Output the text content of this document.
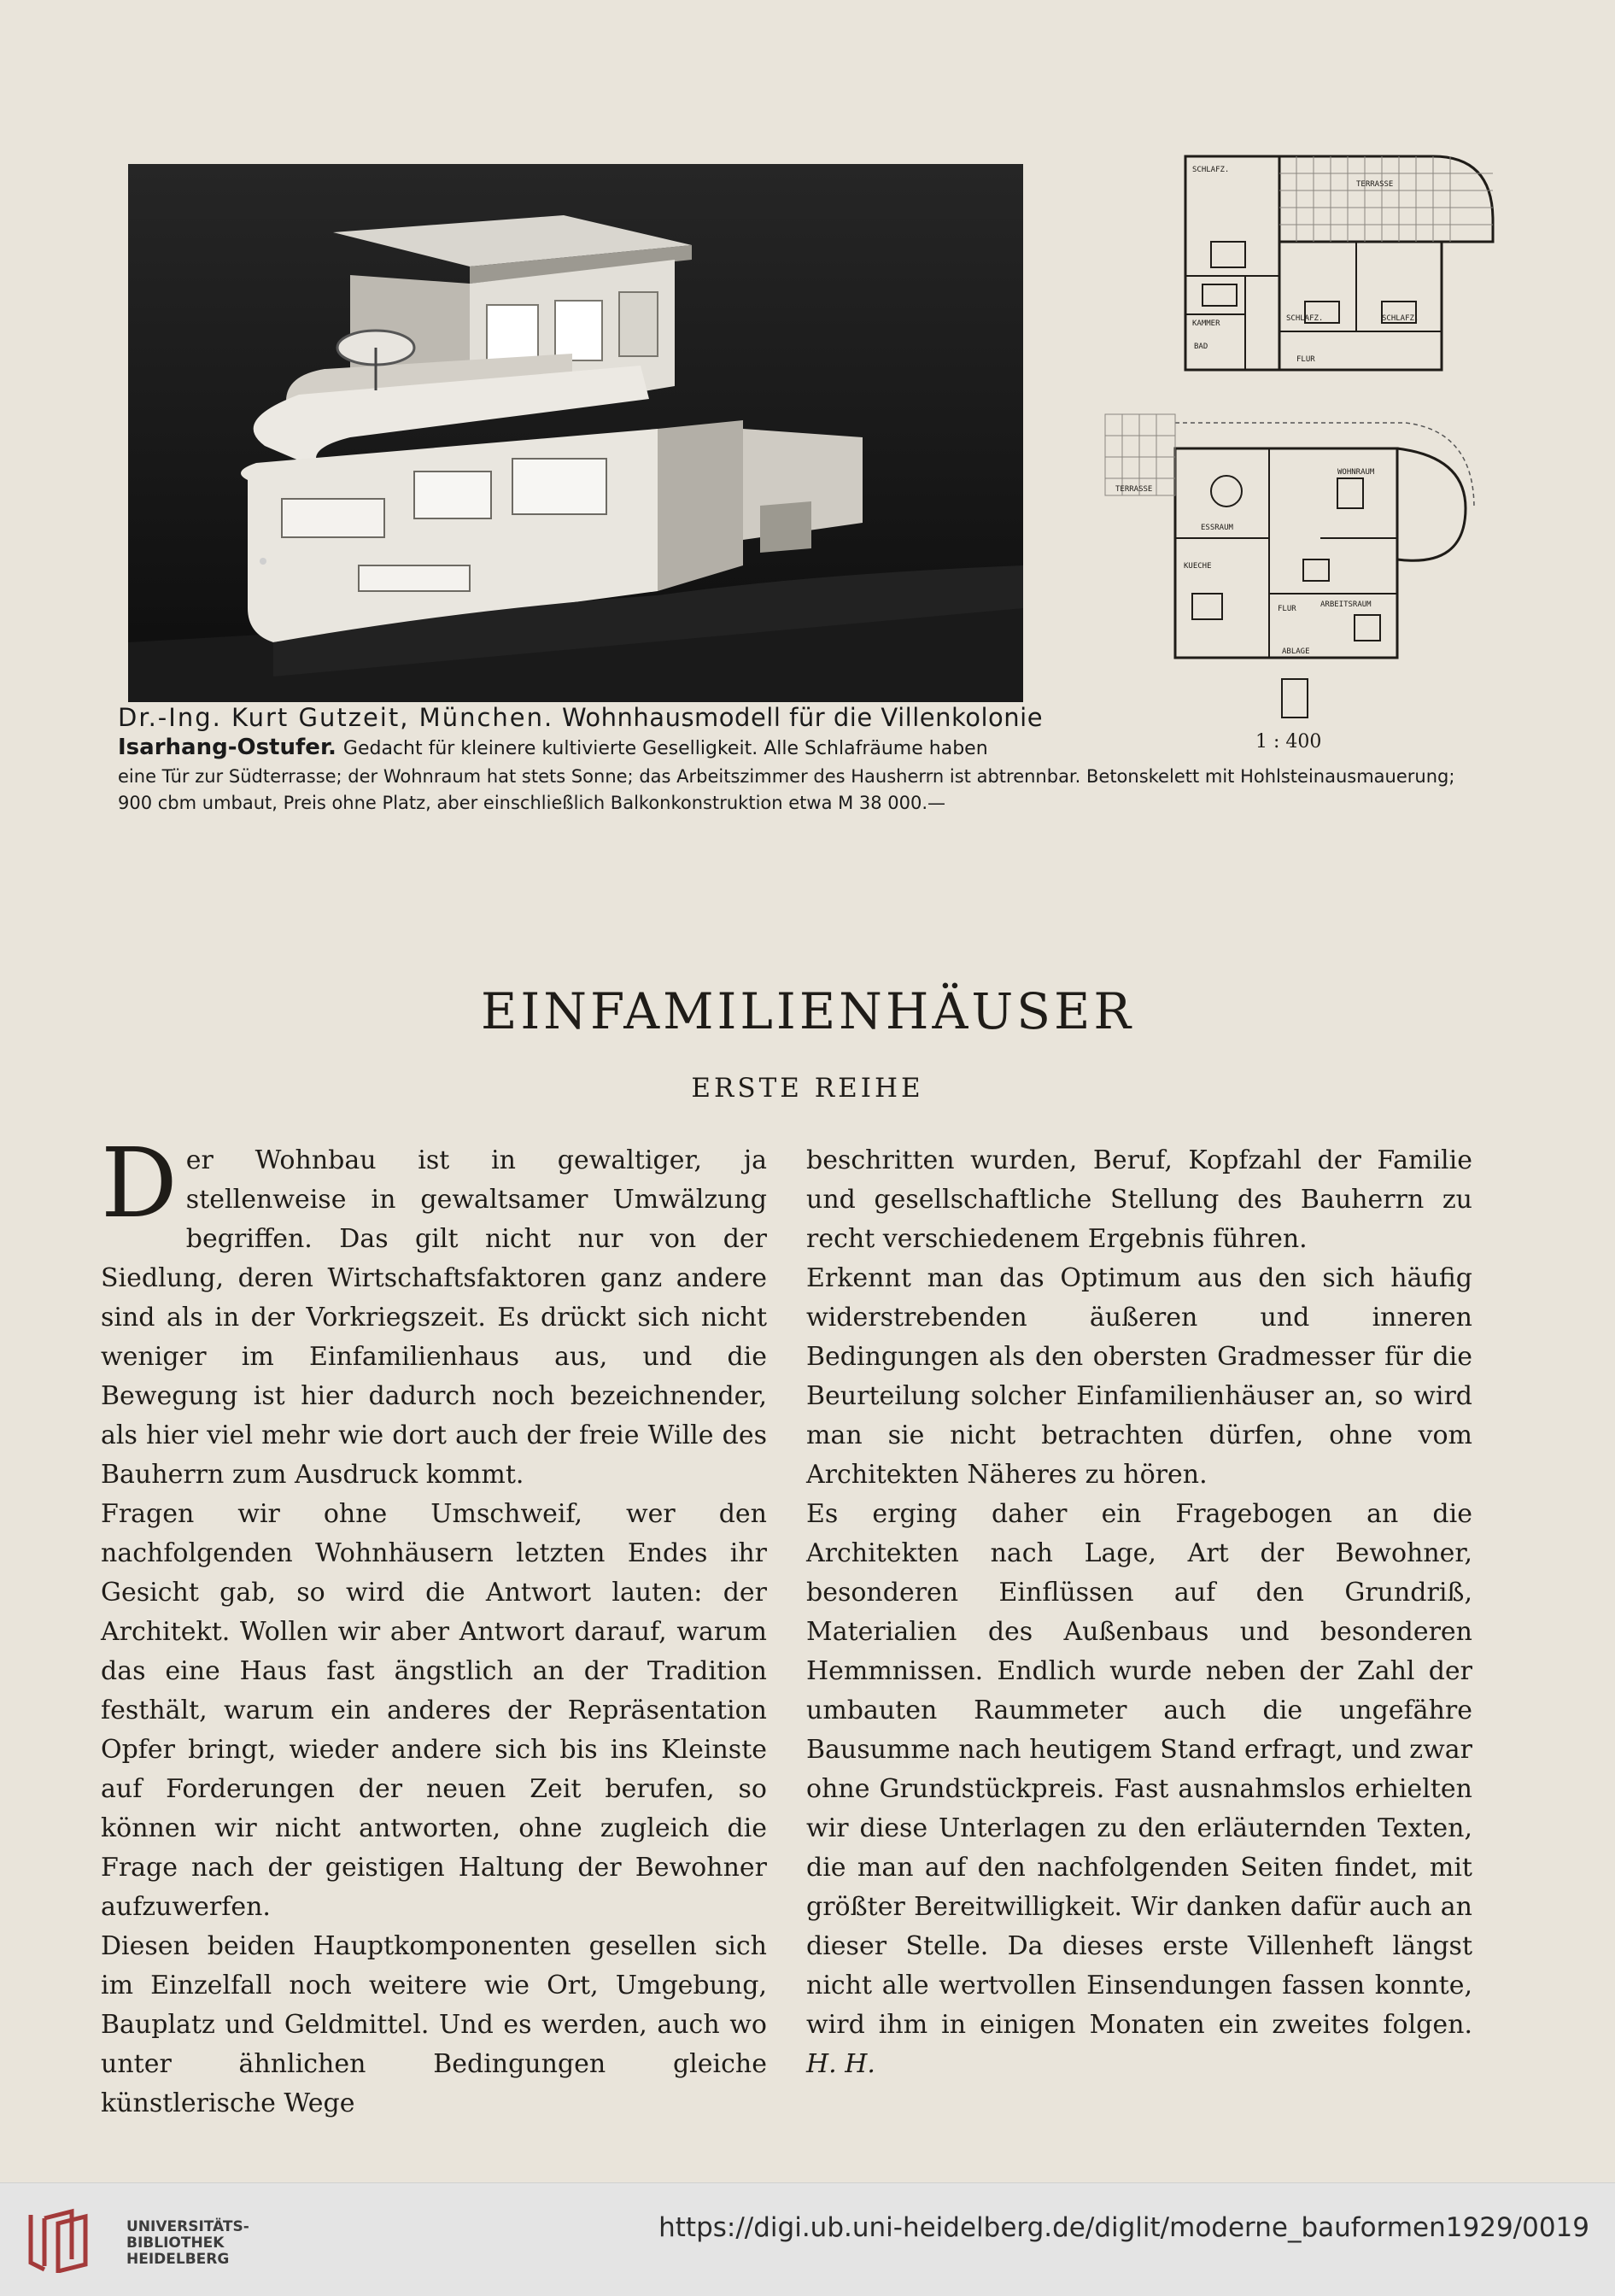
SCHLAFZ.
TERRASSE
KAMMER
SCHLAFZ.	SCHLAFZ.
BAD
FLUR
TERRASSE
ESSRAUM
WOHNRAUM
KUECHE
FLUR	ARBEITSRAUM
ABLAGE
1 : 400
Dr.-Ing. Kurt Gutzeit, München. Wohnhausmodell für die Villenkolonie
Isarhang-Ostufer. Gedacht für kleinere kultivierte Geselligkeit. Alle Schlafräume haben
eine Tür zur Südterrasse; der Wohnraum hat stets Sonne; das Arbeitszimmer des Hausherrn ist abtrennbar. Betonskelett mit Hohlsteinausmauerung; 900 cbm umbaut, Preis ohne Platz, aber einschließlich Balkonkonstruktion etwa M 38 000.—
EINFAMILIENHÄUSER
ERSTE REIHE

Der Wohnbau ist in gewaltiger, ja stellenweise in gewaltsamer Umwälzung begriffen. Das gilt nicht nur von der Siedlung, deren Wirtschaftsfaktoren ganz andere sind als in der Vorkriegszeit. Es drückt sich nicht weniger im Einfamilienhaus aus, und die Bewegung ist hier dadurch noch bezeichnender, als hier viel mehr wie dort auch der freie Wille des Bauherrn zum Ausdruck kommt.

Fragen wir ohne Umschweif, wer den nachfolgenden Wohnhäusern letzten Endes ihr Gesicht gab, so wird die Antwort lauten: der Architekt. Wollen wir aber Antwort darauf, warum das eine Haus fast ängstlich an der Tradition festhält, warum ein anderes der Repräsentation Opfer bringt, wieder andere sich bis ins Kleinste auf Forderungen der neuen Zeit berufen, so können wir nicht antworten, ohne zugleich die Frage nach der geistigen Haltung der Bewohner aufzuwerfen.

Diesen beiden Hauptkomponenten gesellen sich im Einzelfall noch weitere wie Ort, Umgebung, Bauplatz und Geldmittel. Und es werden, auch wo unter ähnlichen Bedingungen gleiche künstlerische Wege

beschritten wurden, Beruf, Kopfzahl der Familie und gesellschaftliche Stellung des Bauherrn zu recht verschiedenem Ergebnis führen.

Erkennt man das Optimum aus den sich häufig widerstrebenden äußeren und inneren Bedingungen als den obersten Gradmesser für die Beurteilung solcher Einfamilienhäuser an, so wird man sie nicht betrachten dürfen, ohne vom Architekten Näheres zu hören.

Es erging daher ein Fragebogen an die Architekten nach Lage, Art der Bewohner, besonderen Einflüssen auf den Grundriß, Materialien des Außenbaus und besonderen Hemmnissen. Endlich wurde neben der Zahl der umbauten Raummeter auch die ungefähre Bausumme nach heutigem Stand erfragt, und zwar ohne Grundstückpreis. Fast ausnahmslos erhielten wir diese Unterlagen zu den erläuternden Texten, die man auf den nachfolgenden Seiten findet, mit größter Bereitwilligkeit. Wir danken dafür auch an dieser Stelle. Da dieses erste Villenheft längst nicht alle wertvollen Einsendungen fassen konnte, wird ihm in einigen Monaten ein zweites folgen. H. H.

UNIVERSITÄTS-
BIBLIOTHEK
HEIDELBERG
https://digi.ub.uni-heidelberg.de/diglit/moderne_bauformen1929/0019
